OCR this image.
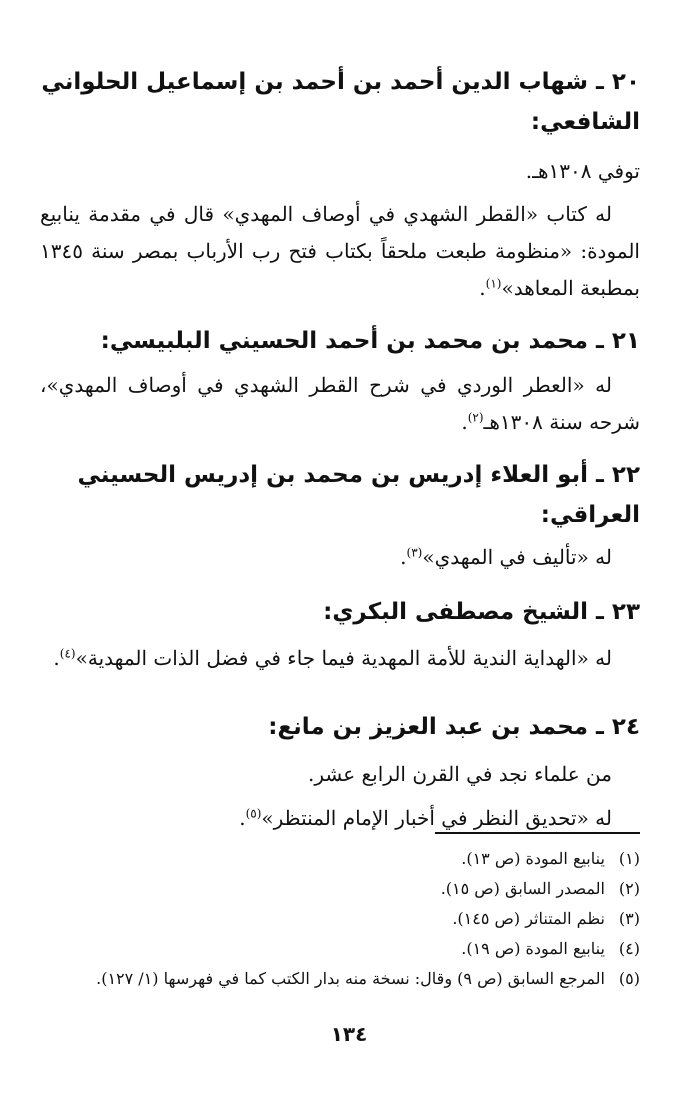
٢٠ ـ شهاب الدين أحمد بن أحمد بن إسماعيل الحلواني الشافعي:

توفي ١٣٠٨هـ.

له كتاب «القطر الشهدي في أوصاف المهدي» قال في مقدمة ينابيع المودة: «منظومة طبعت ملحقاً بكتاب فتح رب الأرباب بمصر سنة ١٣٤٥ بمطبعة المعاهد»$^{(١)}$.

٢١ ـ محمد بن محمد بن أحمد الحسيني البلبيسي:

له «العطر الوردي في شرح القطر الشهدي في أوصاف المهدي»، شرحه سنة ١٣٠٨هـ$^{(٢)}$.

٢٢ ـ أبو العلاء إدريس بن محمد بن إدريس الحسيني العراقي:

له «تأليف في المهدي»$^{(٣)}$.

٢٣ ـ الشيخ مصطفى البكري:

له «الهداية الندية للأمة المهدية فيما جاء في فضل الذات المهدية»$^{(٤)}$.

٢٤ ـ محمد بن عبد العزيز بن مانع:

من علماء نجد في القرن الرابع عشر.

له «تحديق النظر في أخبار الإمام المنتظر»$^{(٥)}$.

(١) ينابيع المودة (ص ١٣).

(٢) المصدر السابق (ص ١٥).

(٣) نظم المتناثر (ص ١٤٥).

(٤) ينابيع المودة (ص ١٩).

(٥) المرجع السابق (ص ٩) وقال: نسخة منه بدار الكتب كما في فهرسها (١/ ١٢٧).

١٣٤
